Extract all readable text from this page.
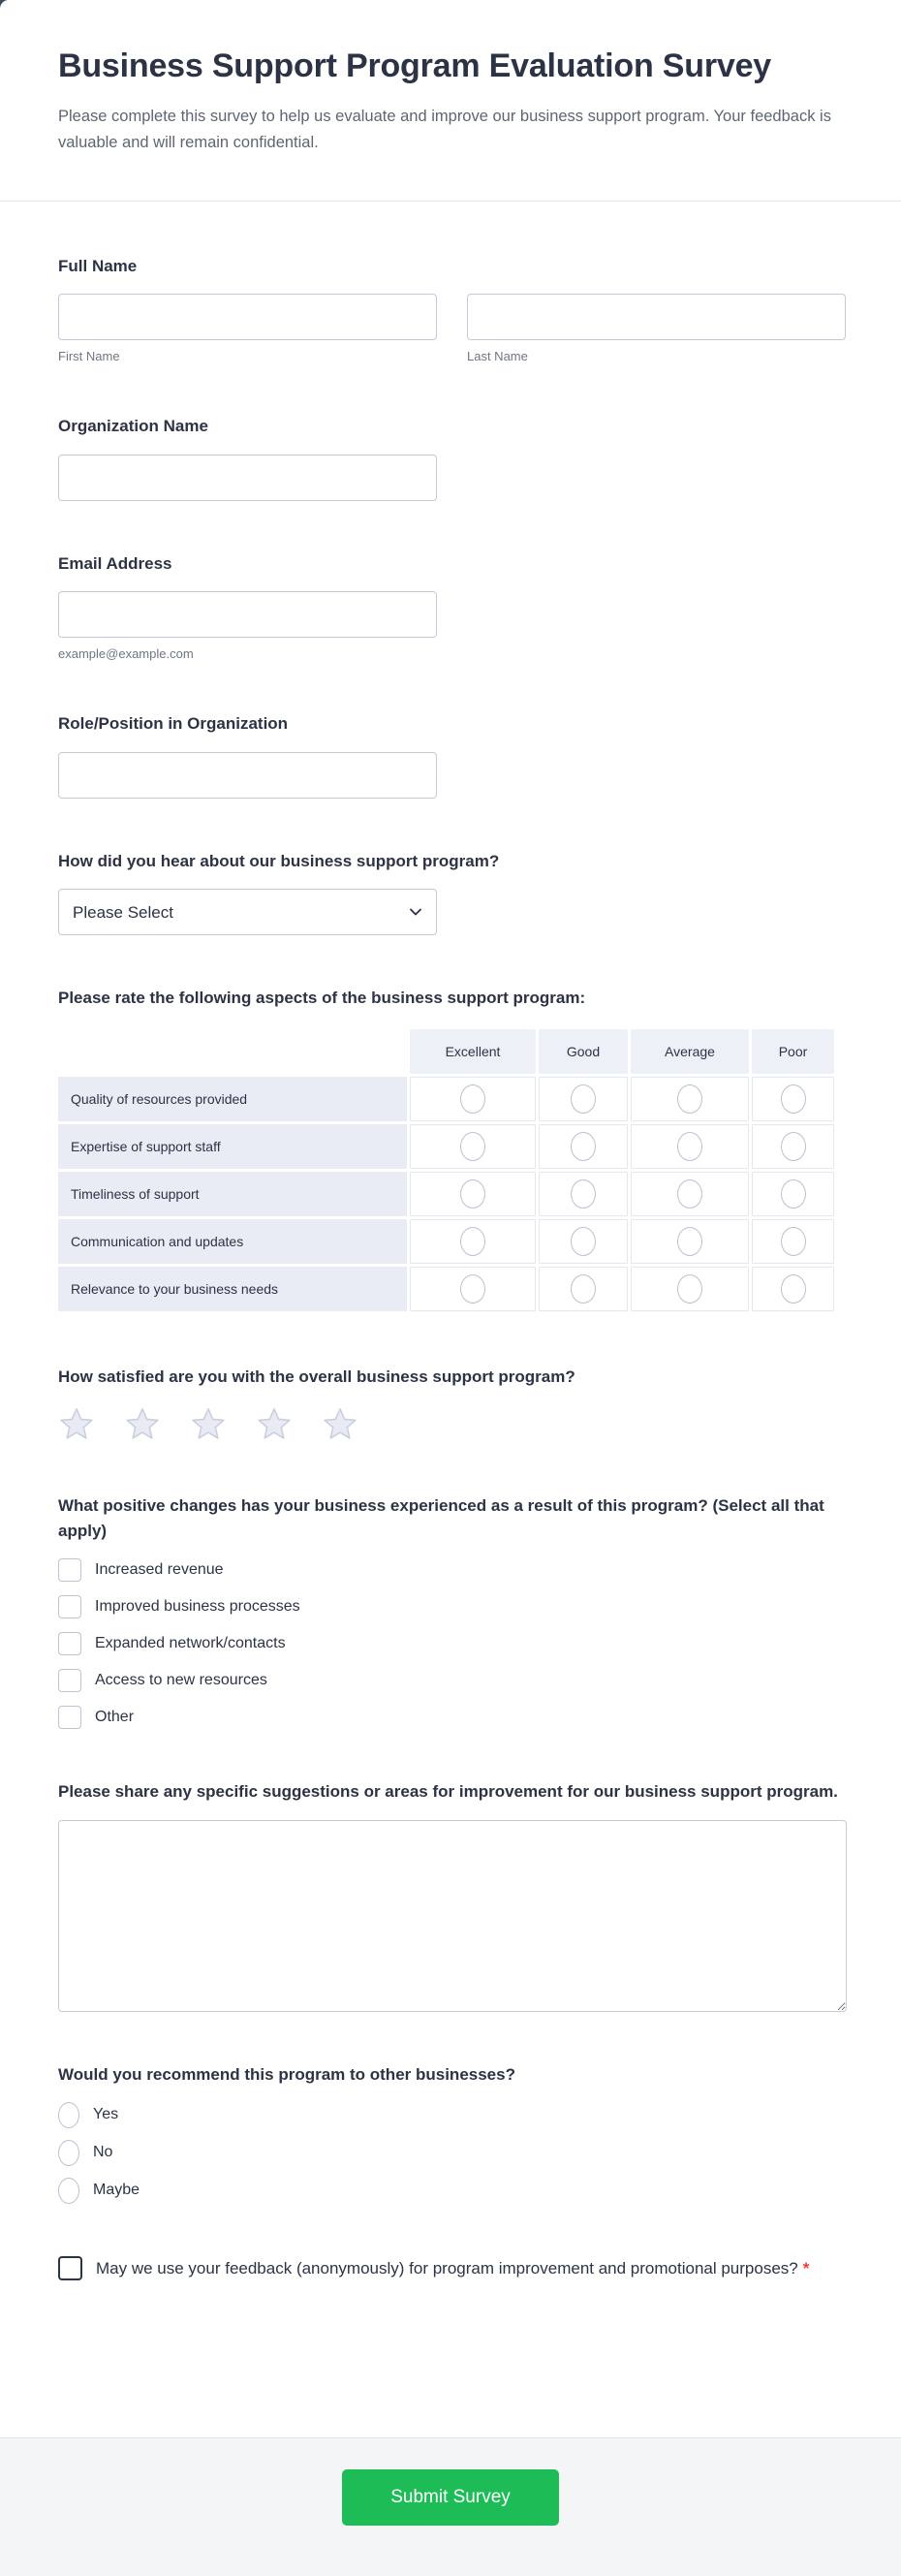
Business Support Program Evaluation Survey

Please complete this survey to help us evaluate and improve our business support program. Your feedback is valuable and will remain confidential.

Full Name
First Name	Last Name
Organization Name
Email Address
example@example.com
Role/Position in Organization
How did you hear about our business support program?
Please Select
Please rate the following aspects of the business support program:
	Excellent	Good	Average	Poor
Quality of resources provided				
Expertise of support staff				
Timeliness of support				
Communication and updates				
Relevance to your business needs				
How satisfied are you with the overall business support program?
What positive changes has your business experienced as a result of this program? (Select all that apply)
Increased revenue
Improved business processes
Expanded network/contacts
Access to new resources
Other
Please share any specific suggestions or areas for improvement for our business support program.
Would you recommend this program to other businesses?
Yes
No
Maybe
May we use your feedback (anonymously) for program improvement and promotional purposes? *
Submit Survey
